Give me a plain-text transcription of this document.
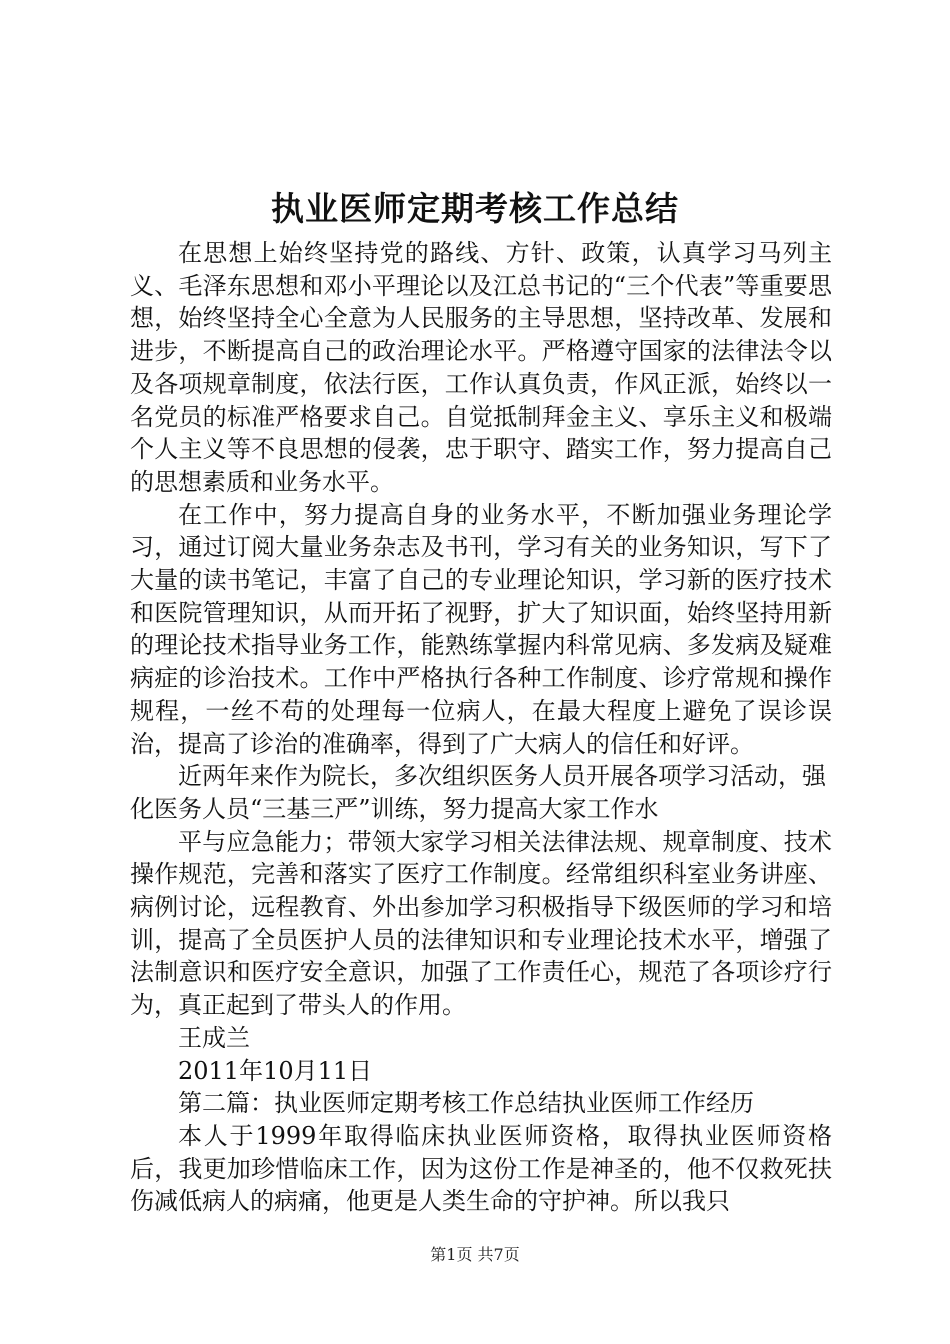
执业医师定期考核工作总结

在思想上始终坚持党的路线、方针、政策，认真学习马列主义、毛泽东思想和邓小平理论以及江总书记的“三个代表”等重要思想，始终坚持全心全意为人民服务的主导思想，坚持改革、发展和进步，不断提高自己的政治理论水平。严格遵守国家的法律法令以及各项规章制度，依法行医，工作认真负责，作风正派，始终以一名党员的标准严格要求自己。自觉抵制拜金主义、享乐主义和极端个人主义等不良思想的侵袭，忠于职守、踏实工作，努力提高自己的思想素质和业务水平。

在工作中，努力提高自身的业务水平，不断加强业务理论学习，通过订阅大量业务杂志及书刊，学习有关的业务知识，写下了大量的读书笔记，丰富了自己的专业理论知识，学习新的医疗技术和医院管理知识，从而开拓了视野，扩大了知识面，始终坚持用新的理论技术指导业务工作，能熟练掌握内科常见病、多发病及疑难病症的诊治技术。工作中严格执行各种工作制度、诊疗常规和操作规程，一丝不苟的处理每一位病人，在最大程度上避免了误诊误治，提高了诊治的准确率，得到了广大病人的信任和好评。

近两年来作为院长，多次组织医务人员开展各项学习活动，强化医务人员“三基三严”训练，努力提高大家工作水

平与应急能力；带领大家学习相关法律法规、规章制度、技术操作规范，完善和落实了医疗工作制度。经常组织科室业务讲座、病例讨论，远程教育、外出参加学习积极指导下级医师的学习和培训，提高了全员医护人员的法律知识和专业理论技术水平，增强了法制意识和医疗安全意识，加强了工作责任心，规范了各项诊疗行为，真正起到了带头人的作用。

王成兰

2011年10月11日

第二篇：执业医师定期考核工作总结执业医师工作经历

本人于1999年取得临床执业医师资格，取得执业医师资格后，我更加珍惜临床工作，因为这份工作是神圣的，他不仅救死扶伤减低病人的病痛，他更是人类生命的守护神。所以我只

第1页 共7页
